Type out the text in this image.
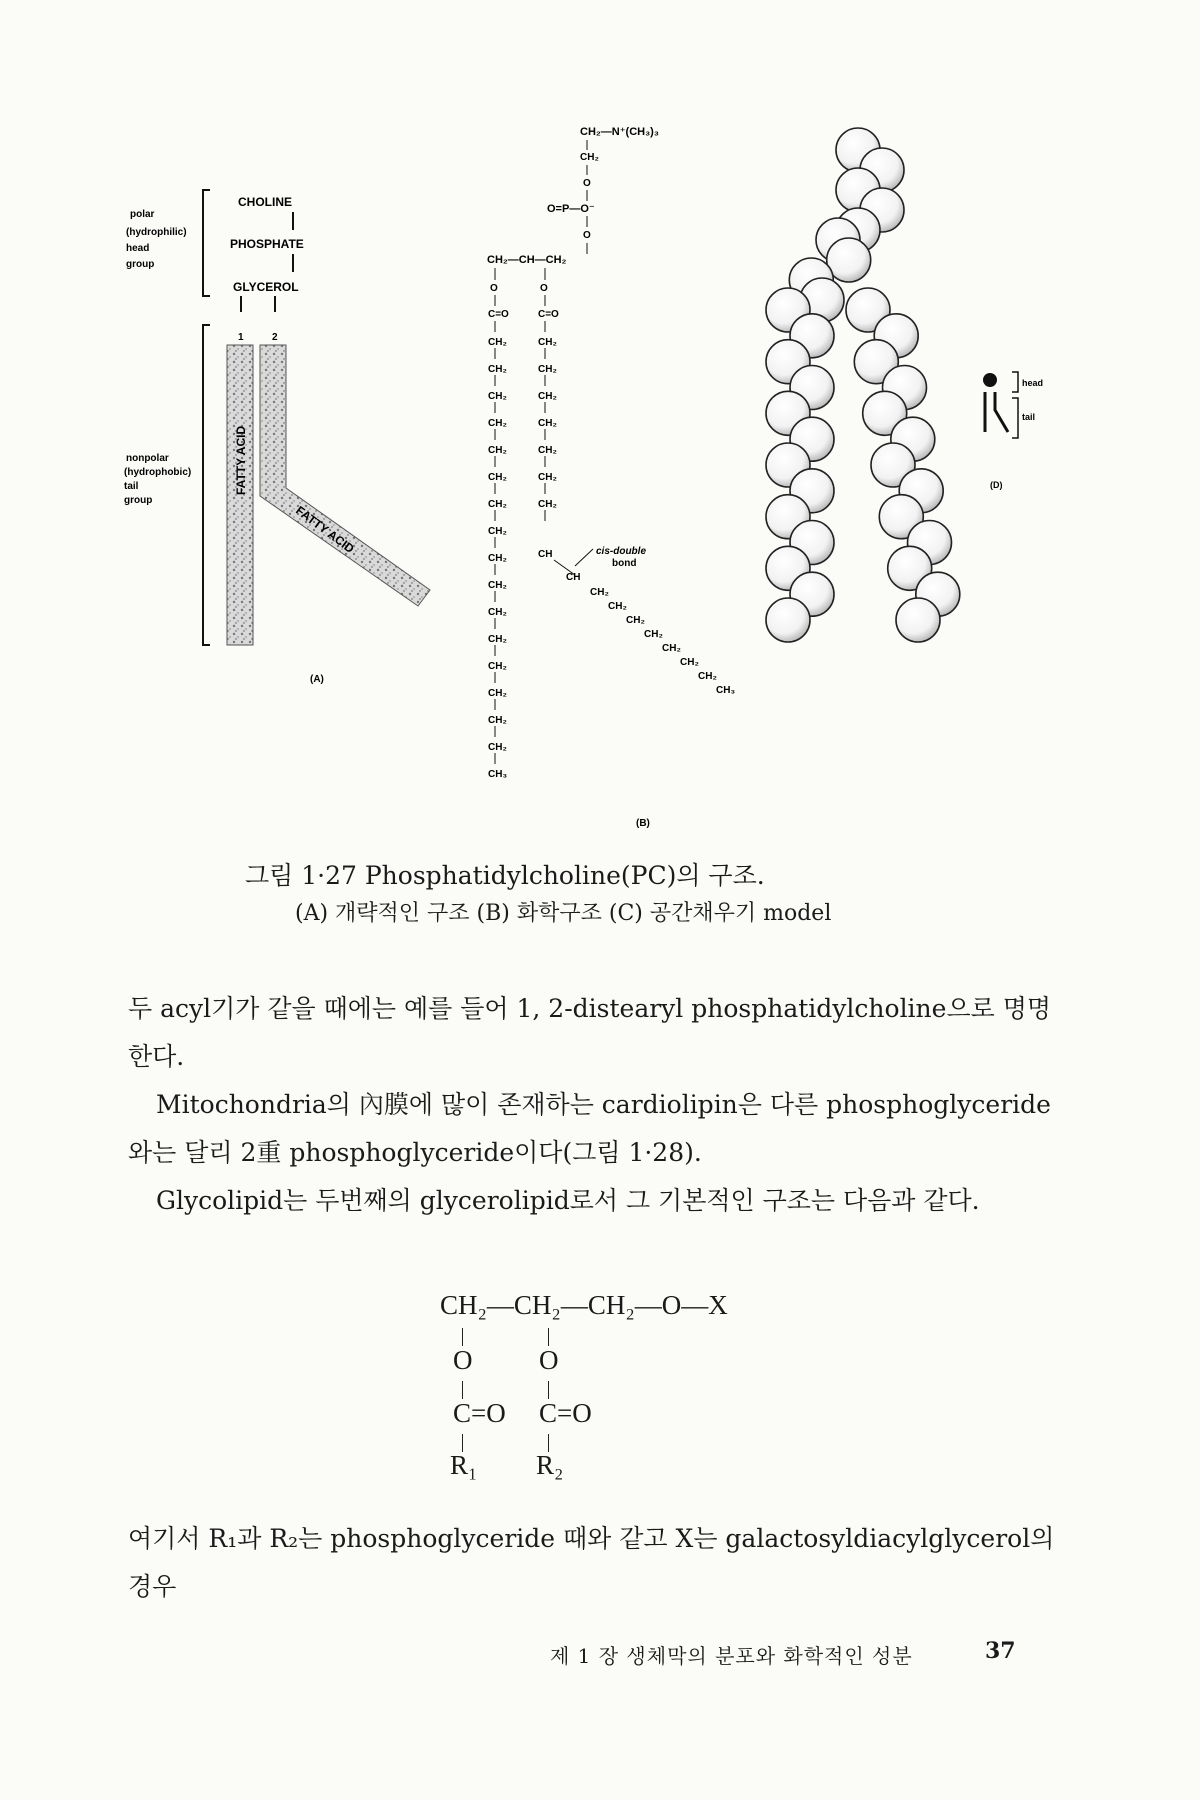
polar
(hydrophilic)
head
group
CHOLINE
PHOSPHATE
GLYCEROL
1	2
nonpolar
(hydrophobic)
tail
group
FATTY ACID
FATTY ACID
(A)
CH₂—N⁺(CH₃)₃
CH₂
O
O=P—O⁻
O
CH₂—CH—CH₂
O	O
C=O	C=O
CH₂
CH₂
CH₂
CH₂
CH₂
CH₂
CH₂
CH₂
CH₂
CH₂
CH₂
CH₂
CH₂
CH₂
CH₂
CH₂
CH₃
CH₂
CH₂
CH₂
CH₂
CH₂
CH₂
CH₂
CH
CH
cis-double
bond
CH₂
CH₂
CH₂
CH₂
CH₂
CH₂
CH₂
CH₃
(B)
head
tail
(D)
그림 1·27 Phosphatidylcholine(PC)의 구조.
(A) 개략적인 구조 (B) 화학구조 (C) 공간채우기 model

두 acyl기가 같을 때에는 예를 들어 1, 2-distearyl phosphatidylcholine으로 명명한다.

Mitochondria의 內膜에 많이 존재하는 cardiolipin은 다른 phosphoglyceride와는 달리 2重 phosphoglyceride이다(그림 1·28).

Glycolipid는 두번째의 glycerolipid로서 그 기본적인 구조는 다음과 같다.

CH₂—CH₂—CH₂—O—X
O O
C=O C=O
R₁ R₂

여기서 R₁과 R₂는 phosphoglyceride 때와 같고 X는 galactosyldiacylglycerol의 경우

제 1 장 생체막의 분포와 화학적인 성분	37
